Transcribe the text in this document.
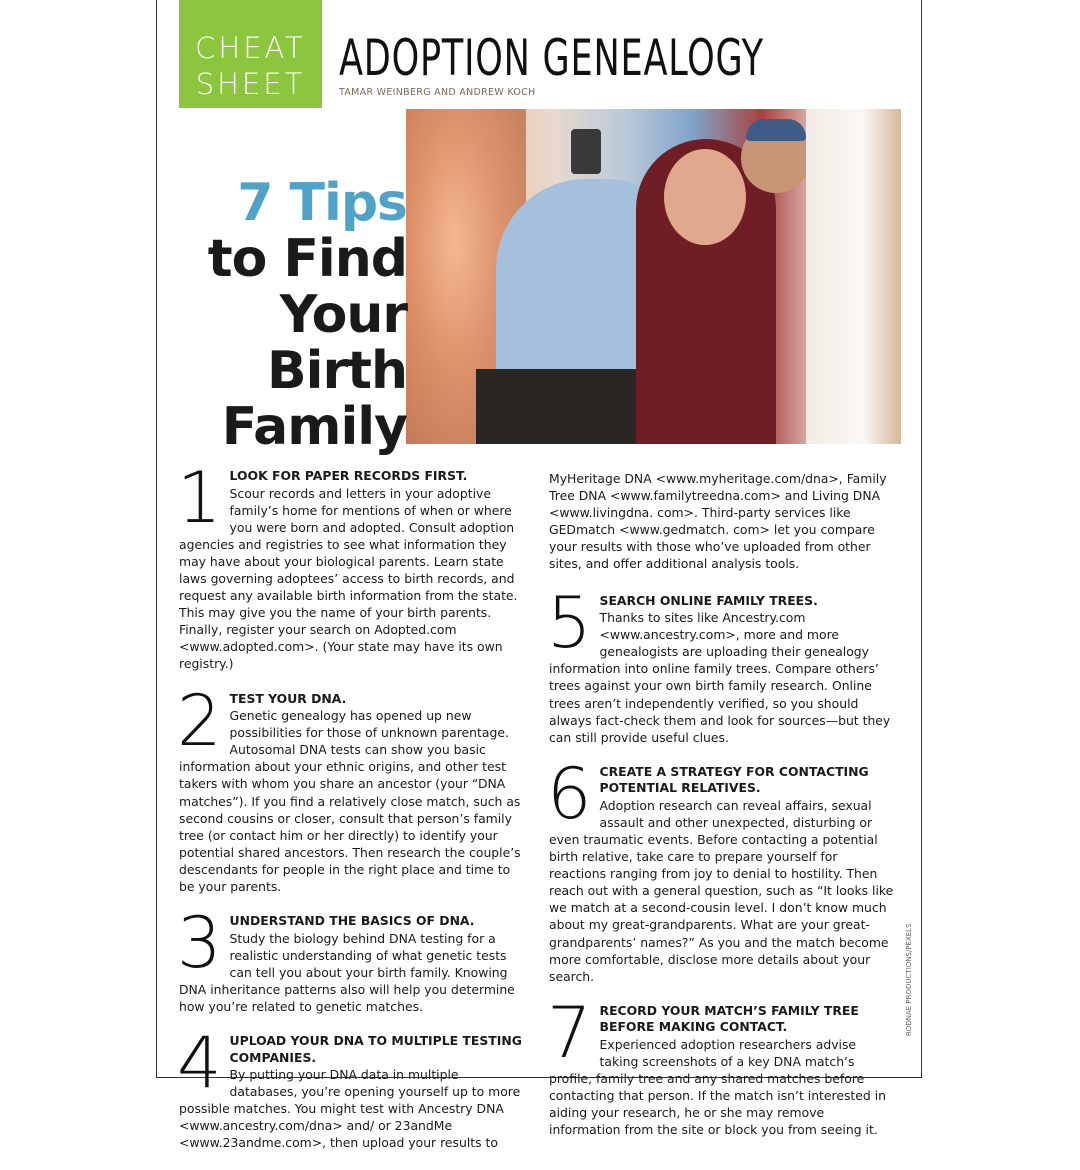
CHEAT
SHEET ADOPTION GENEALOGY
TAMAR WEINBERG AND ANDREW KOCH
7 Tips
to Find
Your
Birth
Family
1 LOOK FOR PAPER RECORDS FIRST.
Scour records and letters in your adoptive family’s home for mentions of when or where you were born and adopted. Consult adoption agencies and registries to see what information they may have about your biological parents. Learn state laws governing adoptees’ access to birth records, and request any available birth information from the state. This may give you the name of your birth parents. Finally, register your search on Adopted.com <www.adopted.com>. (Your state may have its own registry.)
2 TEST YOUR DNA.
Genetic genealogy has opened up new possibilities for those of unknown parentage. Autosomal DNA tests can show you basic information about your ethnic origins, and other test takers with whom you share an ancestor (your “DNA matches”). If you find a relatively close match, such as second cousins or closer, consult that person’s family tree (or contact him or her directly) to identify your potential shared ancestors. Then research the couple’s descendants for people in the right place and time to be your parents.
3 UNDERSTAND THE BASICS OF DNA.
Study the biology behind DNA testing for a realistic understanding of what genetic tests can tell you about your birth family. Knowing DNA inheritance patterns also will help you determine how you’re related to genetic matches.
4 UPLOAD YOUR DNA TO MULTIPLE TESTING COMPANIES.
By putting your DNA data in multiple databases, you’re opening yourself up to more possible matches. You might test with Ancestry DNA <www.ancestry.com/dna> and/ or 23andMe <www.23andme.com>, then upload your results to
MyHeritage DNA <www.myheritage.com/dna>, Family Tree DNA <www.familytreedna.com> and Living DNA <www.livingdna. com>. Third-party services like GEDmatch <www.gedmatch. com> let you compare your results with those who’ve uploaded from other sites, and offer additional analysis tools.
5 SEARCH ONLINE FAMILY TREES.
Thanks to sites like Ancestry.com <www.ancestry.com>, more and more genealogists are uploading their genealogy information into online family trees. Compare others’ trees against your own birth family research. Online trees aren’t independently verified, so you should always fact-check them and look for sources—but they can still provide useful clues.
6 CREATE A STRATEGY FOR CONTACTING POTENTIAL RELATIVES.
Adoption research can reveal affairs, sexual assault and other unexpected, disturbing or even traumatic events. Before contacting a potential birth relative, take care to prepare yourself for reactions ranging from joy to denial to hostility. Then reach out with a general question, such as “It looks like we match at a second-cousin level. I don’t know much about my great-grandparents. What are your great-grandparents’ names?” As you and the match become more comfortable, disclose more details about your search.
7 RECORD YOUR MATCH’S FAMILY TREE BEFORE MAKING CONTACT.
Experienced adoption researchers advise taking screenshots of a key DNA match’s profile, family tree and any shared matches before contacting that person. If the match isn’t interested in aiding your research, he or she may remove information from the site or block you from seeing it.
RODNAE PRODUCTIONS/PEXELS
